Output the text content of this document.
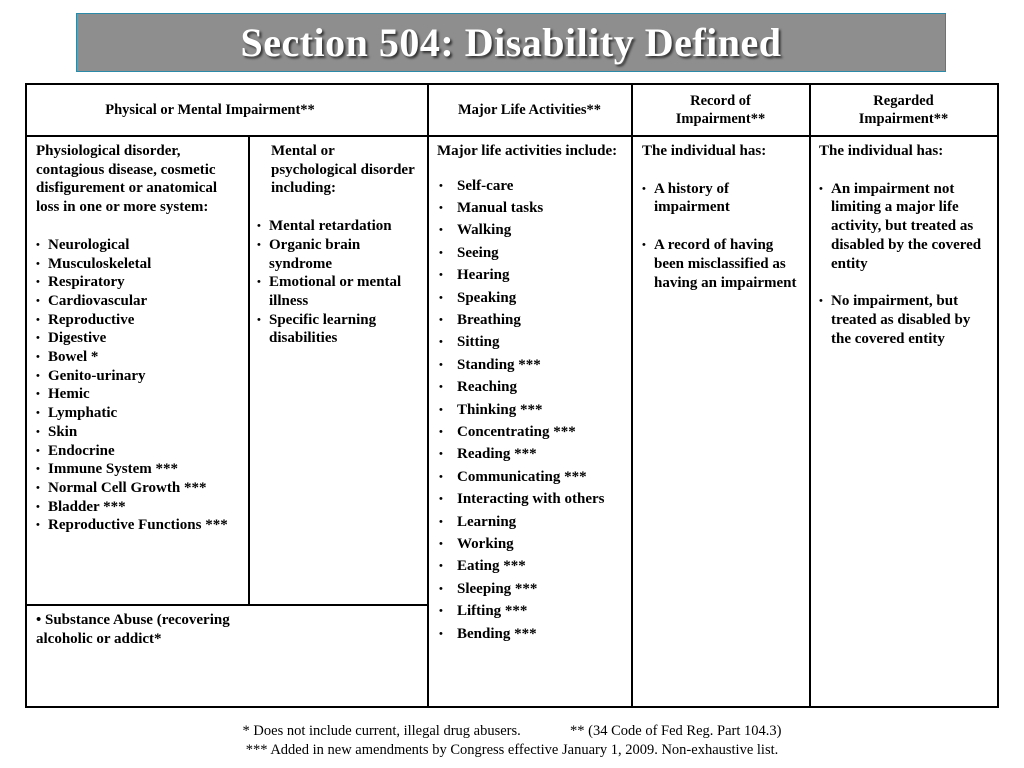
Section 504: Disability Defined
Physical or Mental Impairment**	Major Life Activities**
Record of Impairment**
Regarded Impairment**
Physiological disorder, contagious disease, cosmetic disfigurement or anatomical loss in one or more system:
• Neurological
• Musculoskeletal
• Respiratory
• Cardiovascular
• Reproductive
• Digestive
• Bowel *
• Genito-urinary
• Hemic
• Lymphatic
• Skin
• Endocrine
• Immune System ***
• Normal Cell Growth ***
• Bladder ***
• Reproductive Functions ***
Mental or psychological disorder including:
• Mental retardation
• Organic brain syndrome
• Emotional or mental illness
• Specific learning disabilities
• Substance Abuse (recovering alcoholic or addict*
Major life activities include:
• Self-care
• Manual tasks
• Walking
• Seeing
• Hearing
• Speaking
• Breathing
• Sitting
• Standing ***
• Reaching
• Thinking ***
• Concentrating ***
• Reading ***
• Communicating ***
• Interacting with others
• Learning
• Working
• Eating ***
• Sleeping ***
• Lifting ***
• Bending ***
The individual has:
• A history of impairment
• A record of having been misclassified as having an impairment
The individual has:
• An impairment not limiting a major life activity, but treated as disabled by the covered entity
• No impairment, but treated as disabled by the covered entity
* Does not include current, illegal drug abusers.	** (34 Code of Fed Reg. Part 104.3)
*** Added in new amendments by Congress effective January 1, 2009. Non-exhaustive list.
